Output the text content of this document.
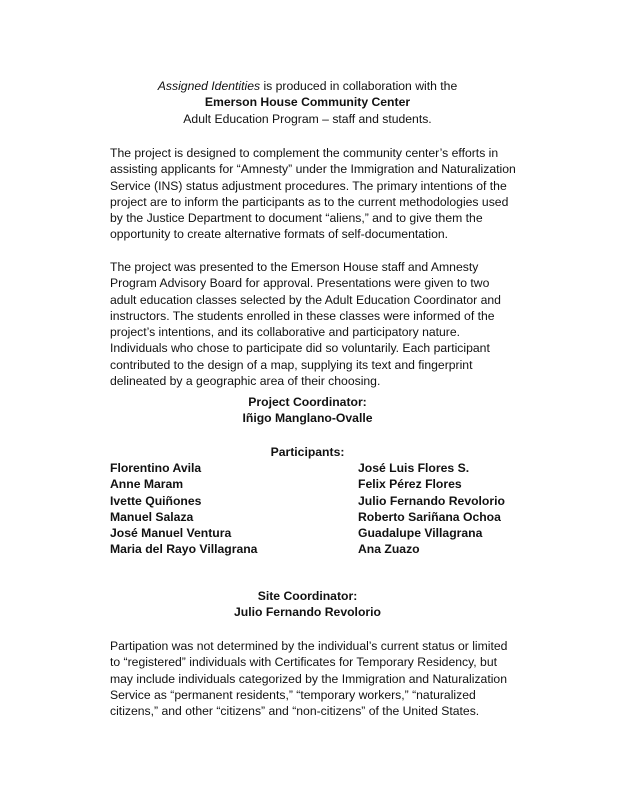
Assigned Identities is produced in collaboration with the
Emerson House Community Center
Adult Education Program – staff and students.
The project is designed to complement the community center’s efforts in
assisting applicants for “Amnesty” under the Immigration and Naturalization
Service (INS) status adjustment procedures. The primary intentions of the
project are to inform the participants as to the current methodologies used
by the Justice Department to document “aliens,” and to give them the
opportunity to create alternative formats of self-documentation.
The project was presented to the Emerson House staff and Amnesty
Program Advisory Board for approval. Presentations were given to two
adult education classes selected by the Adult Education Coordinator and
instructors. The students enrolled in these classes were informed of the
project’s intentions, and its collaborative and participatory nature.
Individuals who chose to participate did so voluntarily. Each participant
contributed to the design of a map, supplying its text and fingerprint
delineated by a geographic area of their choosing.
Project Coordinator:
Iñigo Manglano-Ovalle
Participants:
Florentino Avila
Anne Maram
Ivette Quiñones
Manuel Salaza
José Manuel Ventura
Maria del Rayo Villagrana
José Luis Flores S.
Felix Pérez Flores
Julio Fernando Revolorio
Roberto Sariñana Ochoa
Guadalupe Villagrana
Ana Zuazo
Site Coordinator:
Julio Fernando Revolorio
Partipation was not determined by the individual’s current status or limited
to “registered” individuals with Certificates for Temporary Residency, but
may include individuals categorized by the Immigration and Naturalization
Service as “permanent residents,” “temporary workers,” “naturalized
citizens,” and other “citizens” and “non-citizens” of the United States.
